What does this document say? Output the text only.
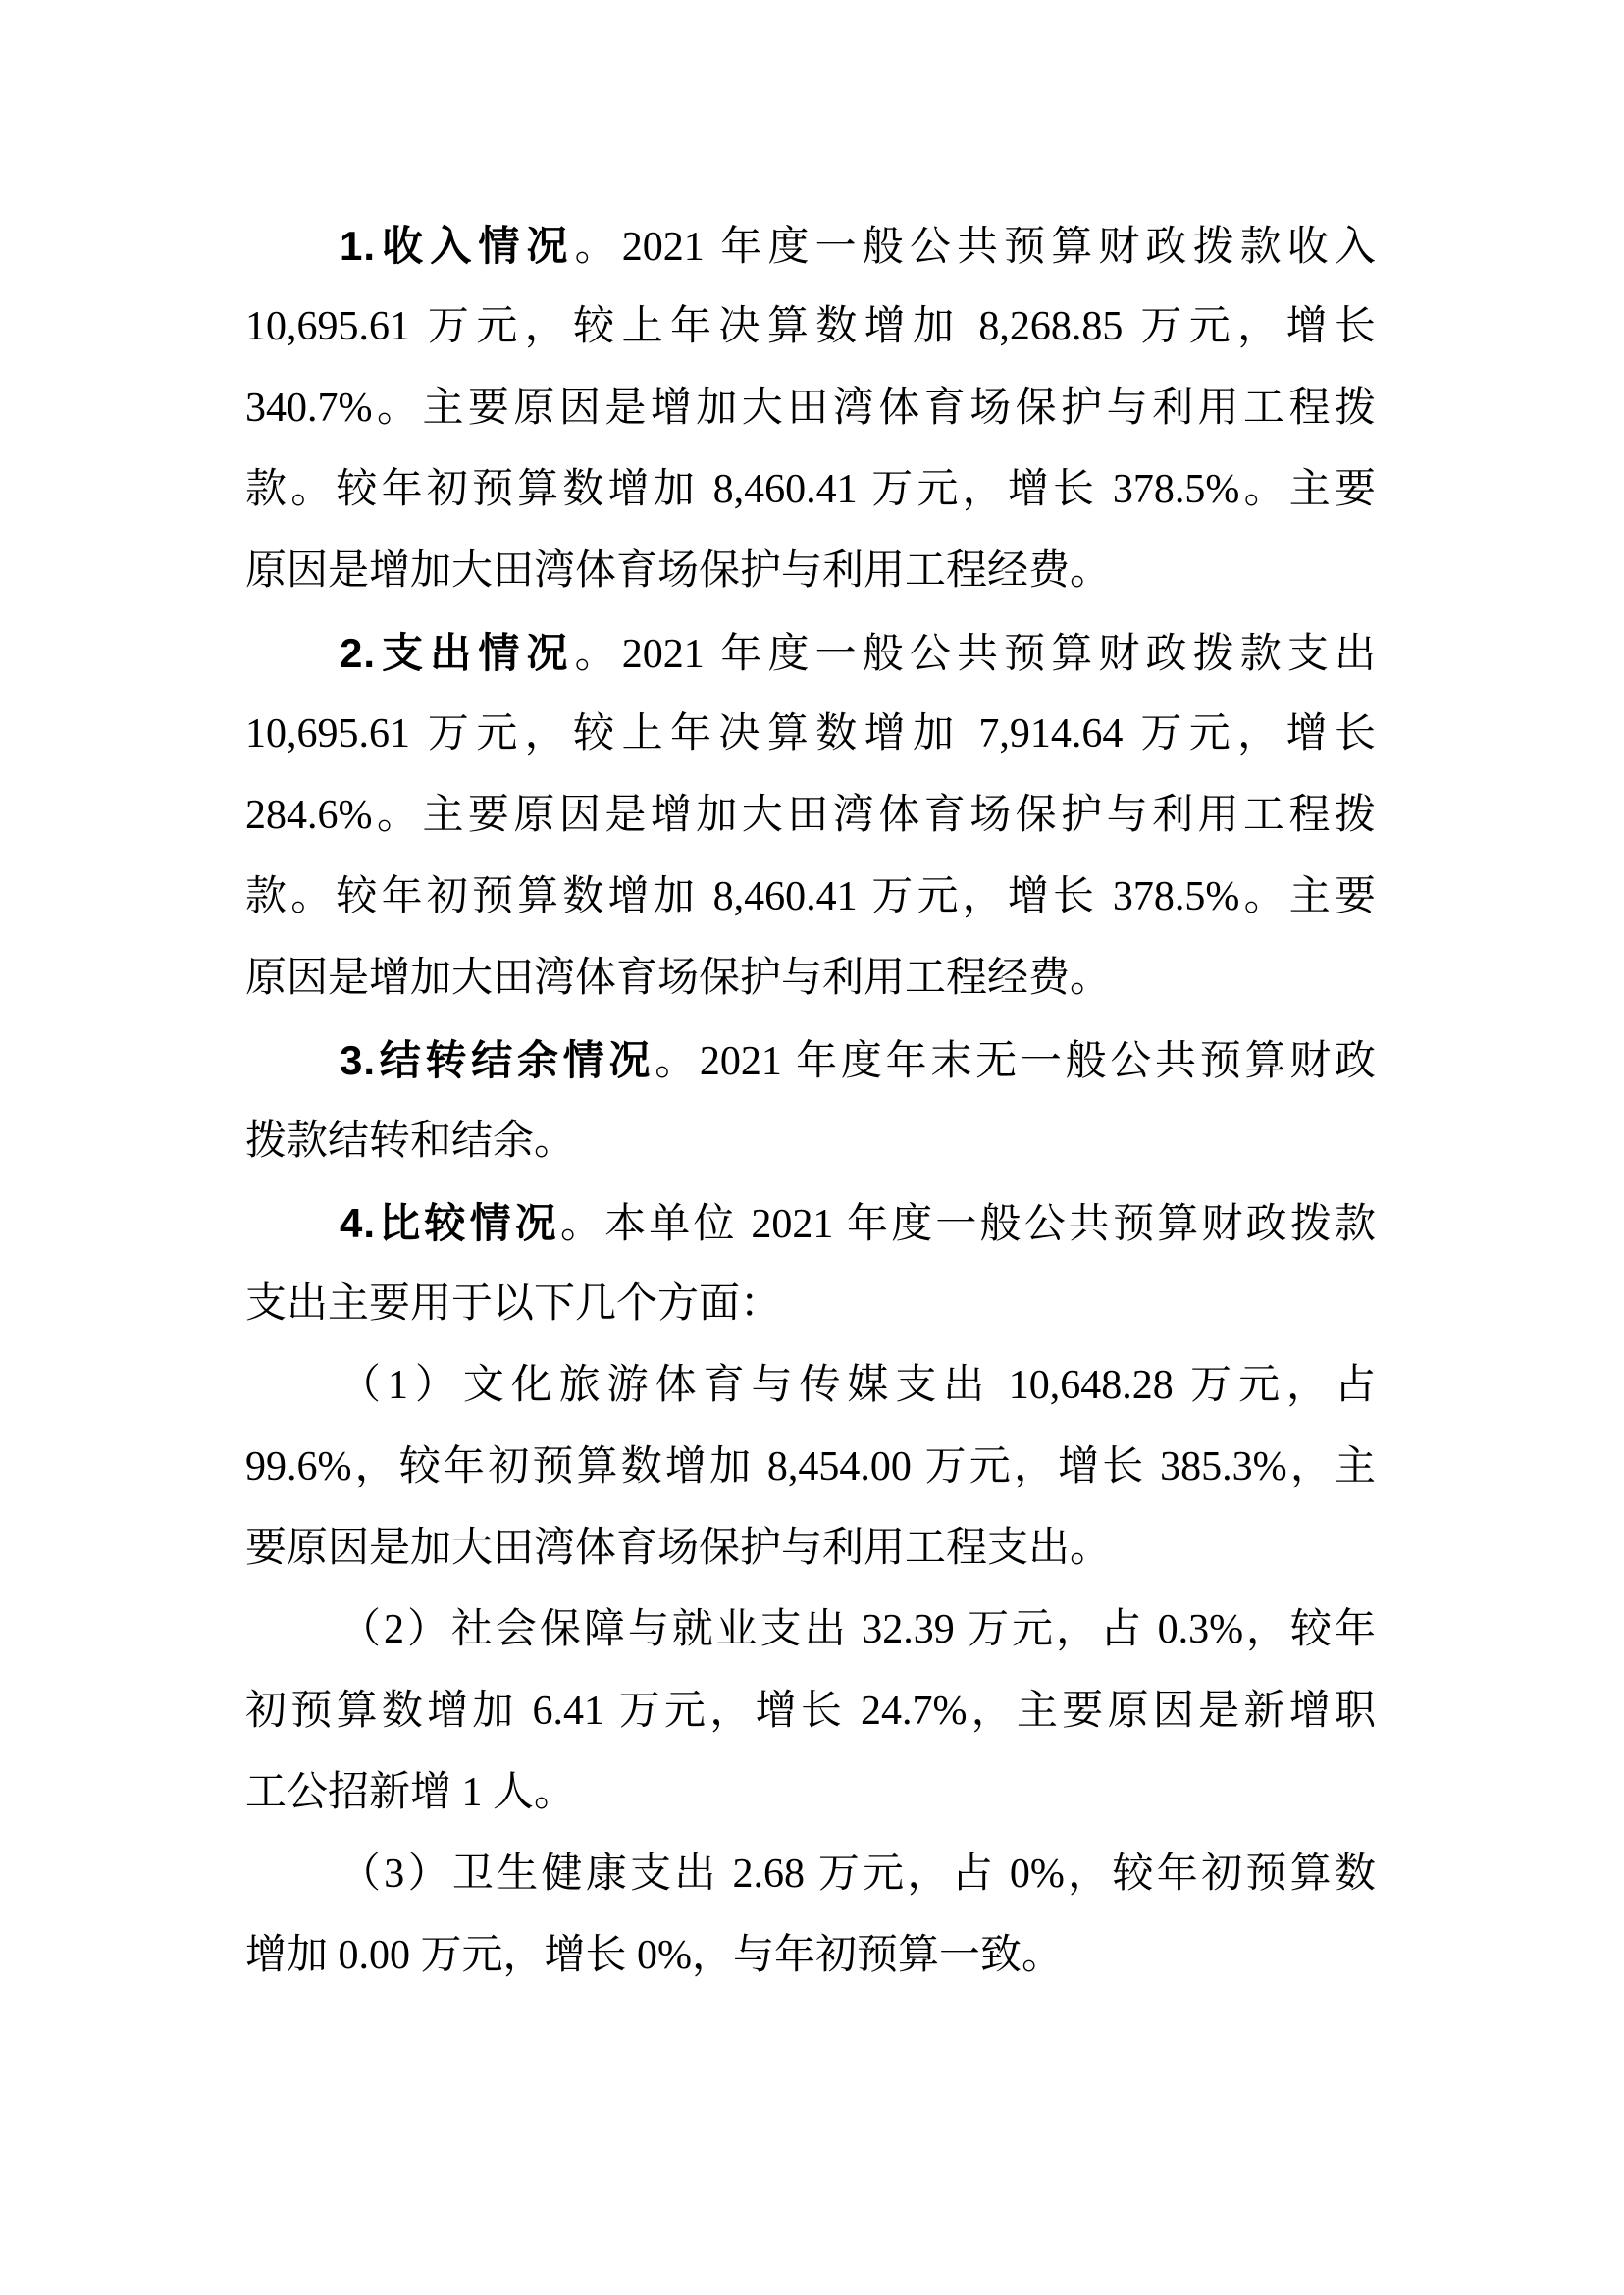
1.收入情况。2021 年度一般公共预算财政拨款收入
10,695.61 万元，较上年决算数增加 8,268.85 万元，增长
340.7%。主要原因是增加大田湾体育场保护与利用工程拨
款。较年初预算数增加 8,460.41 万元，增长 378.5%。主要
原因是增加大田湾体育场保护与利用工程经费。
2.支出情况。2021 年度一般公共预算财政拨款支出
10,695.61 万元，较上年决算数增加 7,914.64 万元，增长
284.6%。主要原因是增加大田湾体育场保护与利用工程拨
款。较年初预算数增加 8,460.41 万元，增长 378.5%。主要
原因是增加大田湾体育场保护与利用工程经费。
3.结转结余情况。2021 年度年末无一般公共预算财政
拨款结转和结余。
4.比较情况。本单位 2021 年度一般公共预算财政拨款
支出主要用于以下几个方面：
（1）文化旅游体育与传媒支出 10,648.28 万元，占
99.6%，较年初预算数增加 8,454.00 万元，增长 385.3%，主
要原因是加大田湾体育场保护与利用工程支出。
（2）社会保障与就业支出 32.39 万元，占 0.3%，较年
初预算数增加 6.41 万元，增长 24.7%，主要原因是新增职
工公招新增 1 人。
（3）卫生健康支出 2.68 万元，占 0%，较年初预算数
增加 0.00 万元，增长 0%，与年初预算一致。
